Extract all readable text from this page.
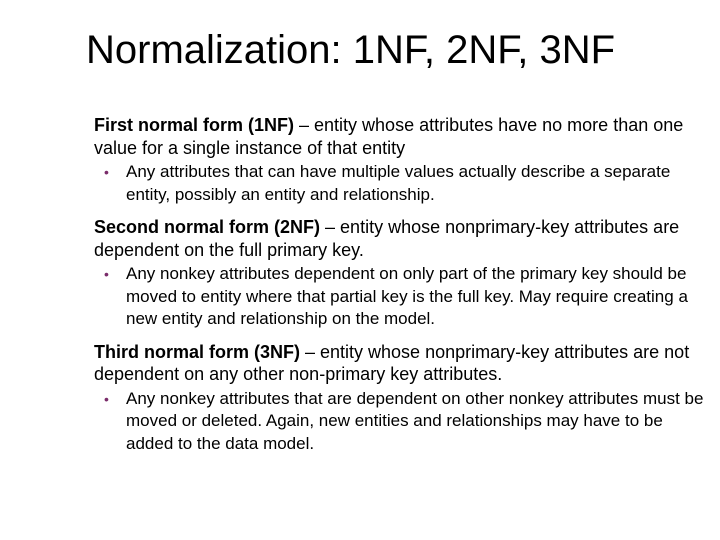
Normalization: 1NF, 2NF, 3NF

First normal form (1NF) – entity whose attributes have no more than one value for a single instance of that entity

• Any attributes that can have multiple values actually describe a separate entity, possibly an entity and relationship.

Second normal form (2NF) – entity whose nonprimary-key attributes are dependent on the full primary key.

• Any nonkey attributes dependent on only part of the primary key should be moved to entity where that partial key is the full key. May require creating a new entity and relationship on the model.

Third normal form (3NF) – entity whose nonprimary-key attributes are not dependent on any other non-primary key attributes.

• Any nonkey attributes that are dependent on other nonkey attributes must be moved or deleted. Again, new entities and relationships may have to be added to the data model.
